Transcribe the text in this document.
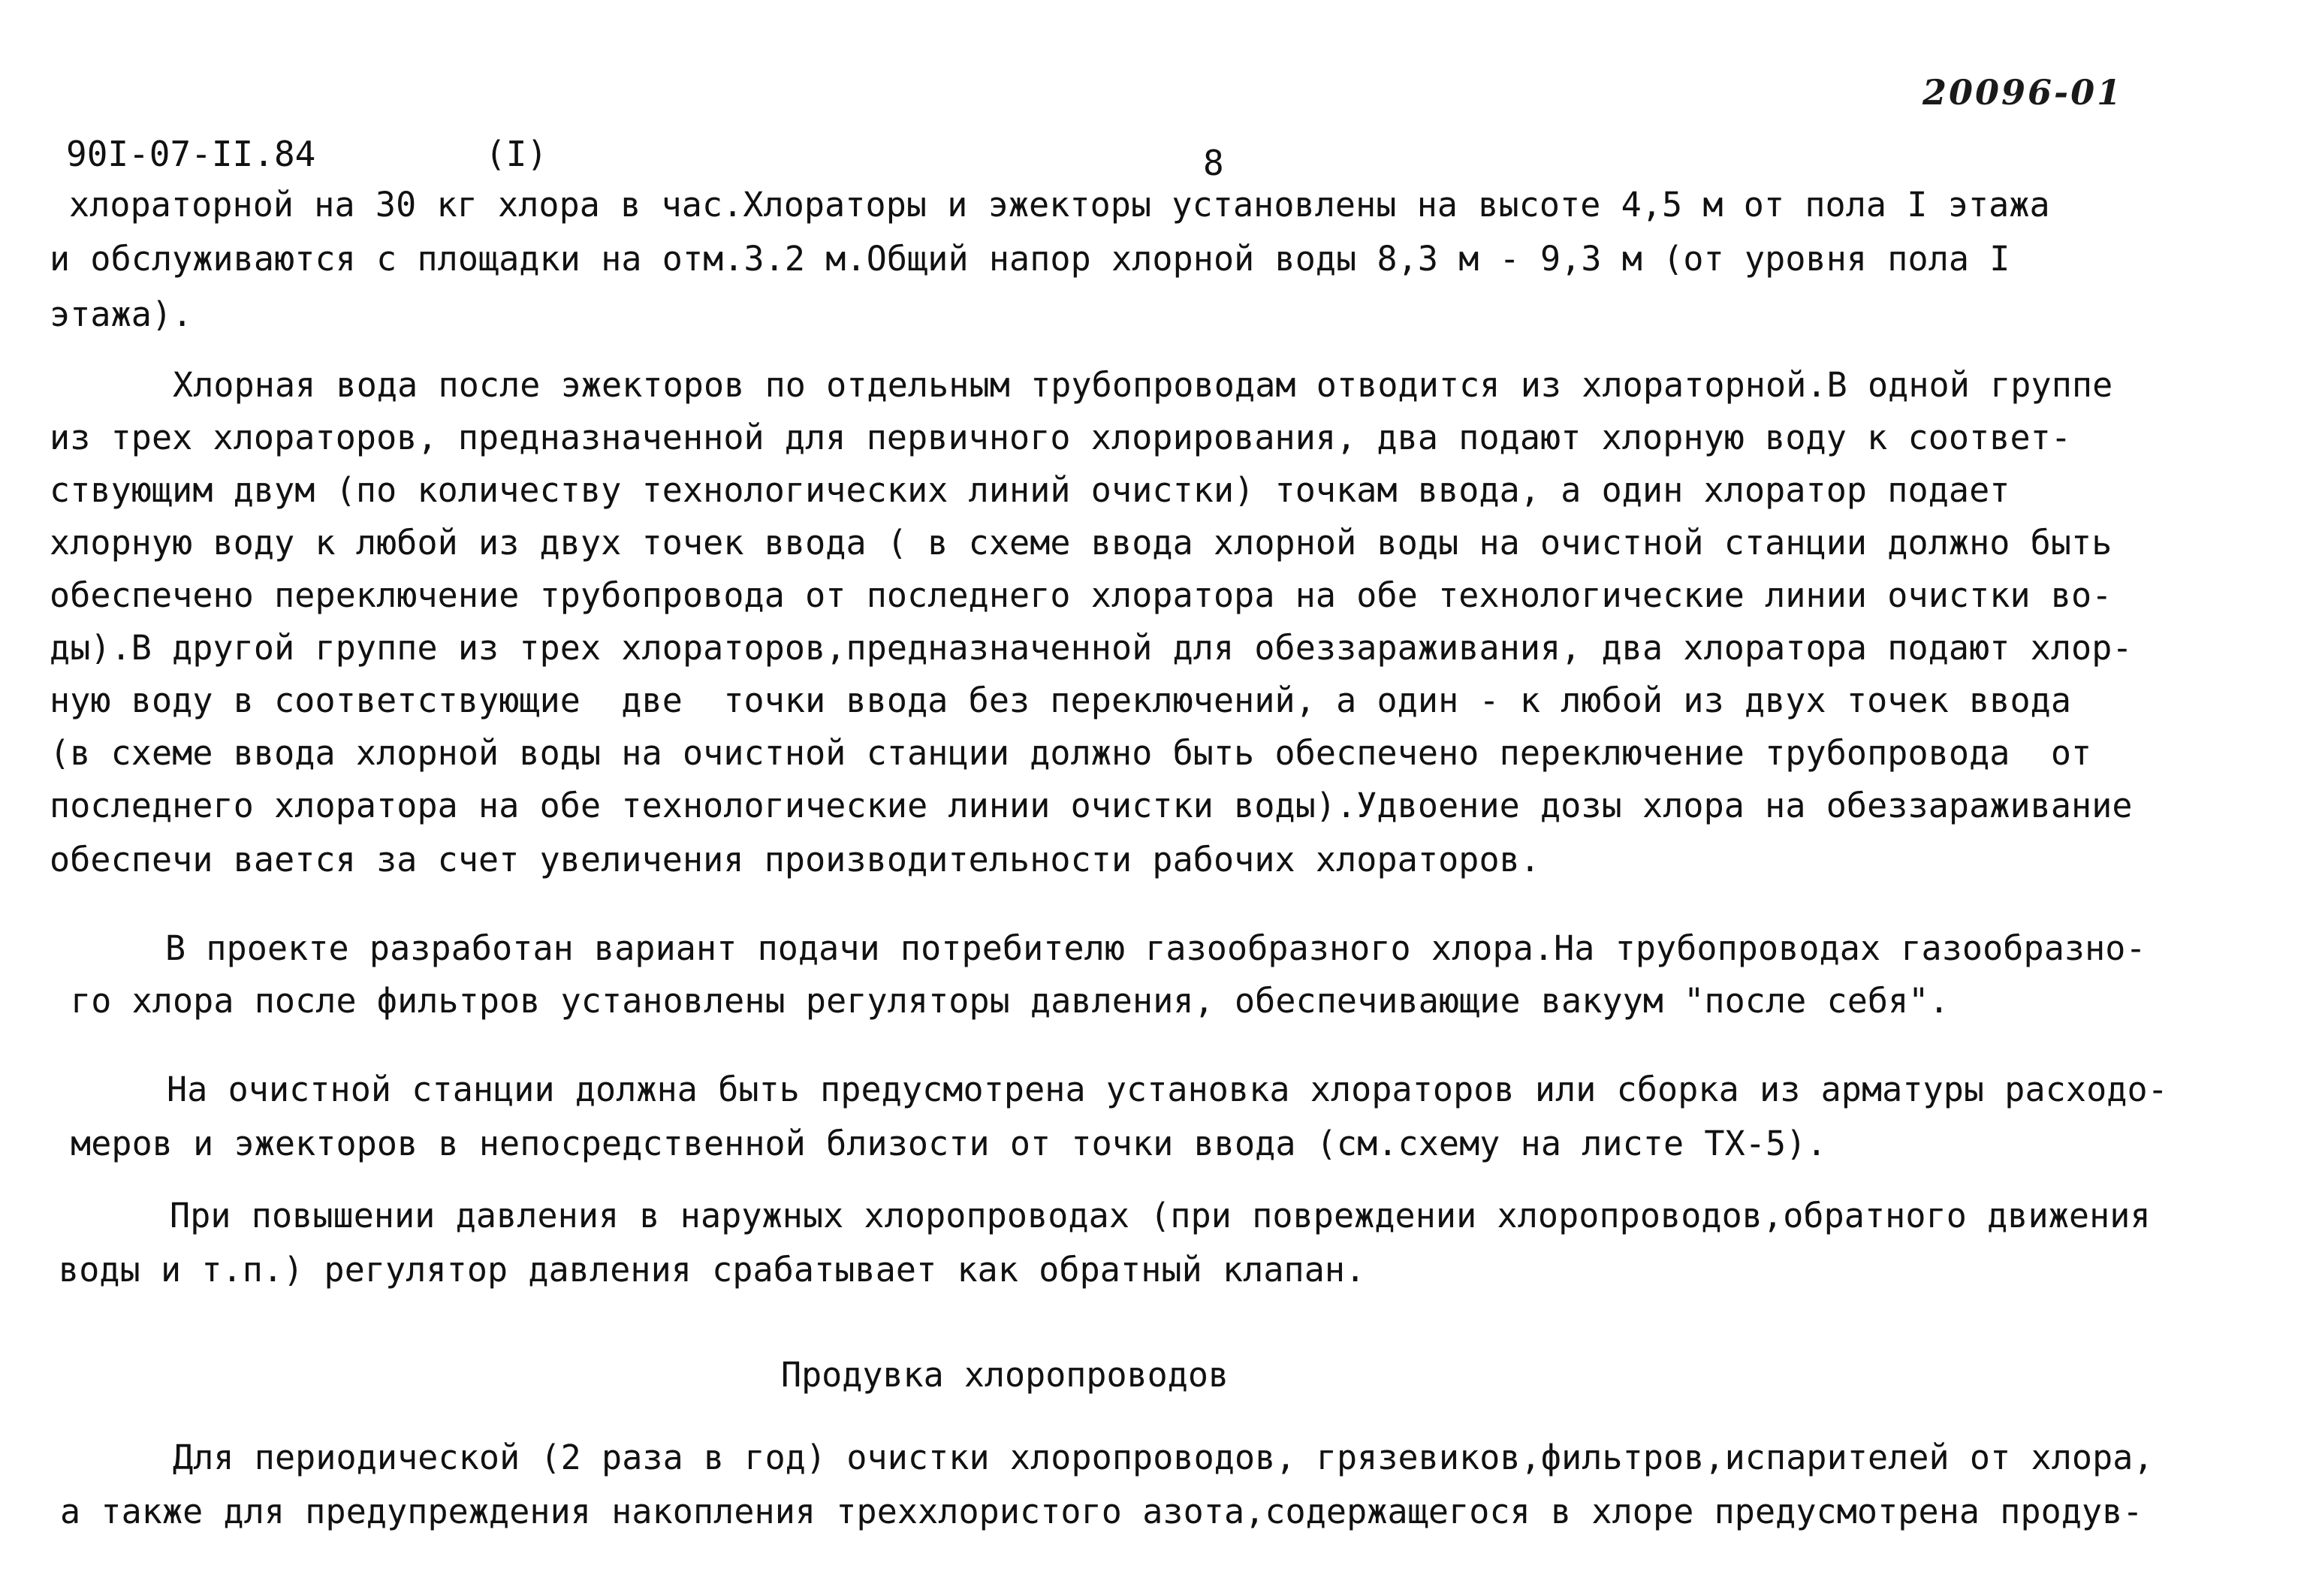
20096-01
90I-07-II.84	(I)	8
хлораторной на 30 кг хлора в час.Хлораторы и эжекторы установлены на высоте 4,5 м от пола I этажа
и обслуживаются с площадки на отм.3.2 м.Общий напор хлорной воды 8,3 м - 9,3 м (от уровня пола I
этажа).
Хлорная вода после эжекторов по отдельным трубопроводам отводится из хлораторной.В одной группе
из трех хлораторов, предназначенной для первичного хлорирования, два подают хлорную воду к соответ-
ствующим двум (по количеству технологических линий очистки) точкам ввода, а один хлоратор подает
хлорную воду к любой из двух точек ввода ( в схеме ввода хлорной воды на очистной станции должно быть
обеспечено переключение трубопровода от последнего хлоратора на обе технологические линии очистки во-
ды).В другой группе из трех хлораторов,предназначенной для обеззараживания, два хлоратора подают хлор-
ную воду в соответствующие  две  точки ввода без переключений, а один - к любой из двух точек ввода
(в схеме ввода хлорной воды на очистной станции должно быть обеспечено переключение трубопровода  от
последнего хлоратора на обе технологические линии очистки воды).Удвоение дозы хлора на обеззараживание
обеспечи вается за счет увеличения производительности рабочих хлораторов.
В проекте разработан вариант подачи потребителю газообразного хлора.На трубопроводах газообразно-
го хлора после фильтров установлены регуляторы давления, обеспечивающие вакуум "после себя".
На очистной станции должна быть предусмотрена установка хлораторов или сборка из арматуры расходо-
меров и эжекторов в непосредственной близости от точки ввода (см.схему на листе ТХ-5).
При повышении давления в наружных хлоропроводах (при повреждении хлоропроводов,обратного движения
воды и т.п.) регулятор давления срабатывает как обратный клапан.
Продувка хлоропроводов
Для периодической (2 раза в год) очистки хлоропроводов, грязевиков,фильтров,испарителей от хлора,
а также для предупреждения накопления треххлористого азота,содержащегося в хлоре предусмотрена продув-
